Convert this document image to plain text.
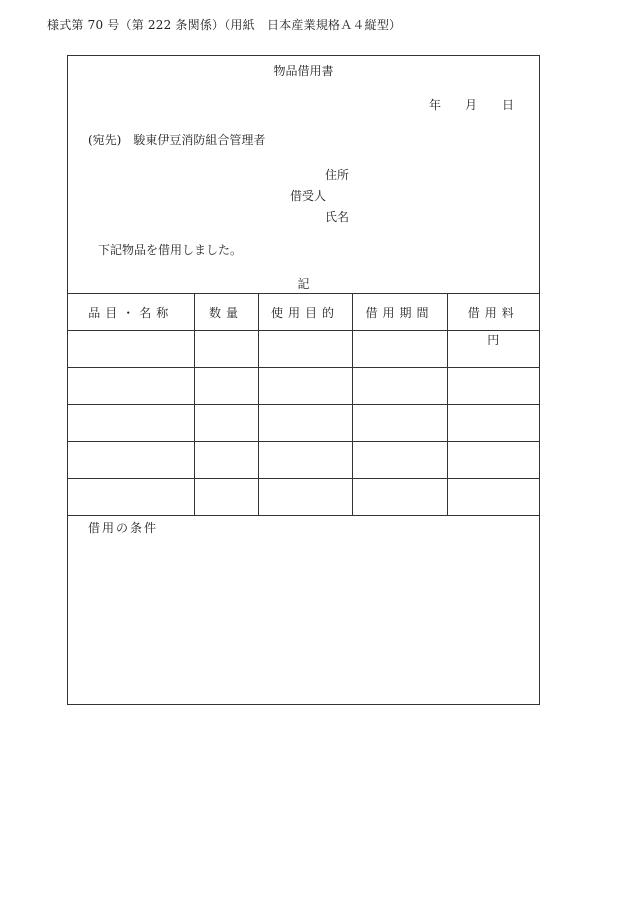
様式第 70 号（第 222 条関係）（用紙　日本産業規格Ａ４縦型）
物品借用書
年 月 日
(宛先)　駿東伊豆消防組合管理者
住所
借受人
氏名
下記物品を借用しました。
記
品目・名称	数量	使用目的	借用期間	借用料
				円

借用の条件
